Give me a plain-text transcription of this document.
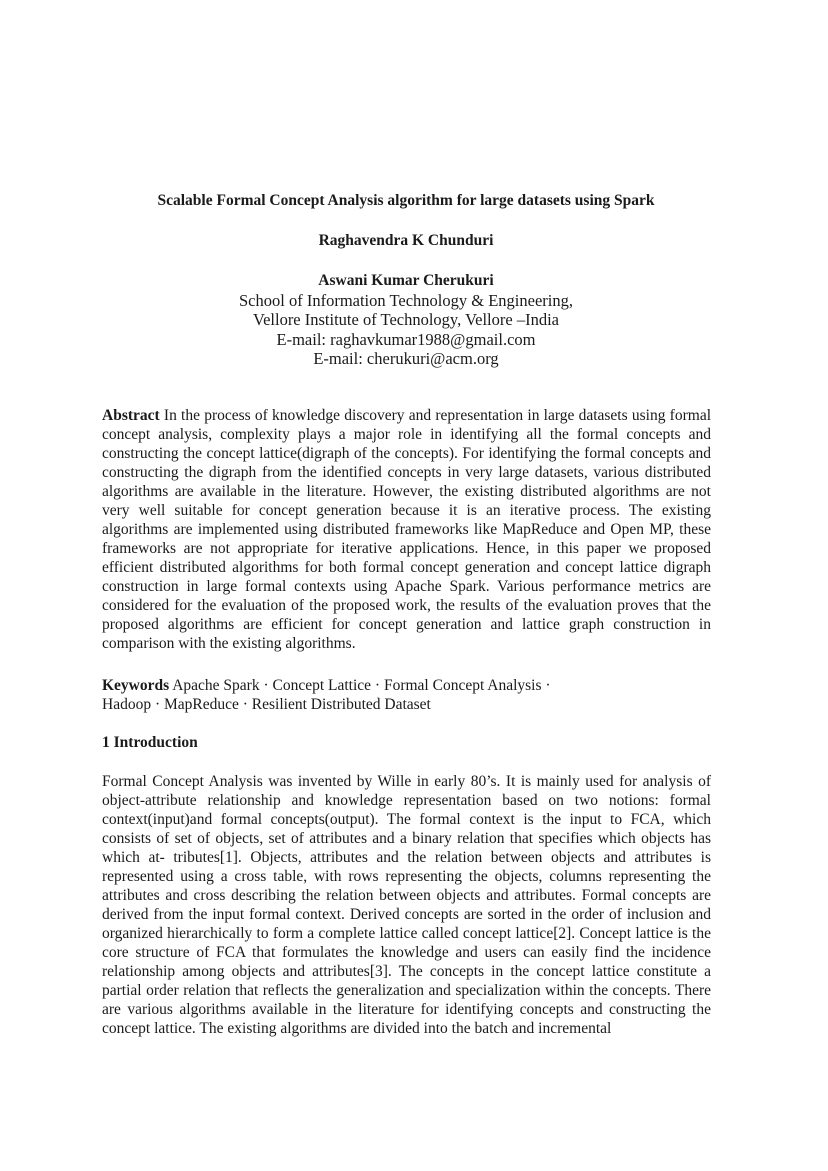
Scalable Formal Concept Analysis algorithm for large datasets using Spark
Raghavendra K Chunduri
Aswani Kumar Cherukuri
School of Information Technology & Engineering,
Vellore Institute of Technology, Vellore –India
E-mail: raghavkumar1988@gmail.com
E-mail: cherukuri@acm.org
Abstract In the process of knowledge discovery and representation in large datasets using formal concept analysis, complexity plays a major role in identifying all the formal concepts and constructing the concept lattice(digraph of the concepts). For identifying the formal concepts and constructing the digraph from the identified concepts in very large datasets, various distributed algorithms are available in the literature. However, the existing distributed algorithms are not very well suitable for concept generation because it is an iterative process. The existing algorithms are implemented using distributed frameworks like MapReduce and Open MP, these frameworks are not appropriate for iterative applications. Hence, in this paper we proposed efficient distributed algorithms for both formal concept generation and concept lattice digraph construction in large formal contexts using Apache Spark. Various performance metrics are considered for the evaluation of the proposed work, the results of the evaluation proves that the proposed algorithms are efficient for concept generation and lattice graph construction in comparison with the existing algorithms.
Keywords Apache Spark · Concept Lattice · Formal Concept Analysis ·
Hadoop · MapReduce · Resilient Distributed Dataset
1 Introduction
Formal Concept Analysis was invented by Wille in early 80’s. It is mainly used for analysis of object-attribute relationship and knowledge representation based on two notions: formal context(input)and formal concepts(output). The formal context is the input to FCA, which consists of set of objects, set of attributes and a binary relation that specifies which objects has which at- tributes[1]. Objects, attributes and the relation between objects and attributes is represented using a cross table, with rows representing the objects, columns representing the attributes and cross describing the relation between objects and attributes. Formal concepts are derived from the input formal context. Derived concepts are sorted in the order of inclusion and organized hierarchically to form a complete lattice called concept lattice[2]. Concept lattice is the core structure of FCA that formulates the knowledge and users can easily find the incidence relationship among objects and attributes[3]. The concepts in the concept lattice constitute a partial order relation that reflects the generalization and specialization within the concepts. There are various algorithms available in the literature for identifying concepts and constructing the concept lattice. The existing algorithms are divided into the batch and incremental
